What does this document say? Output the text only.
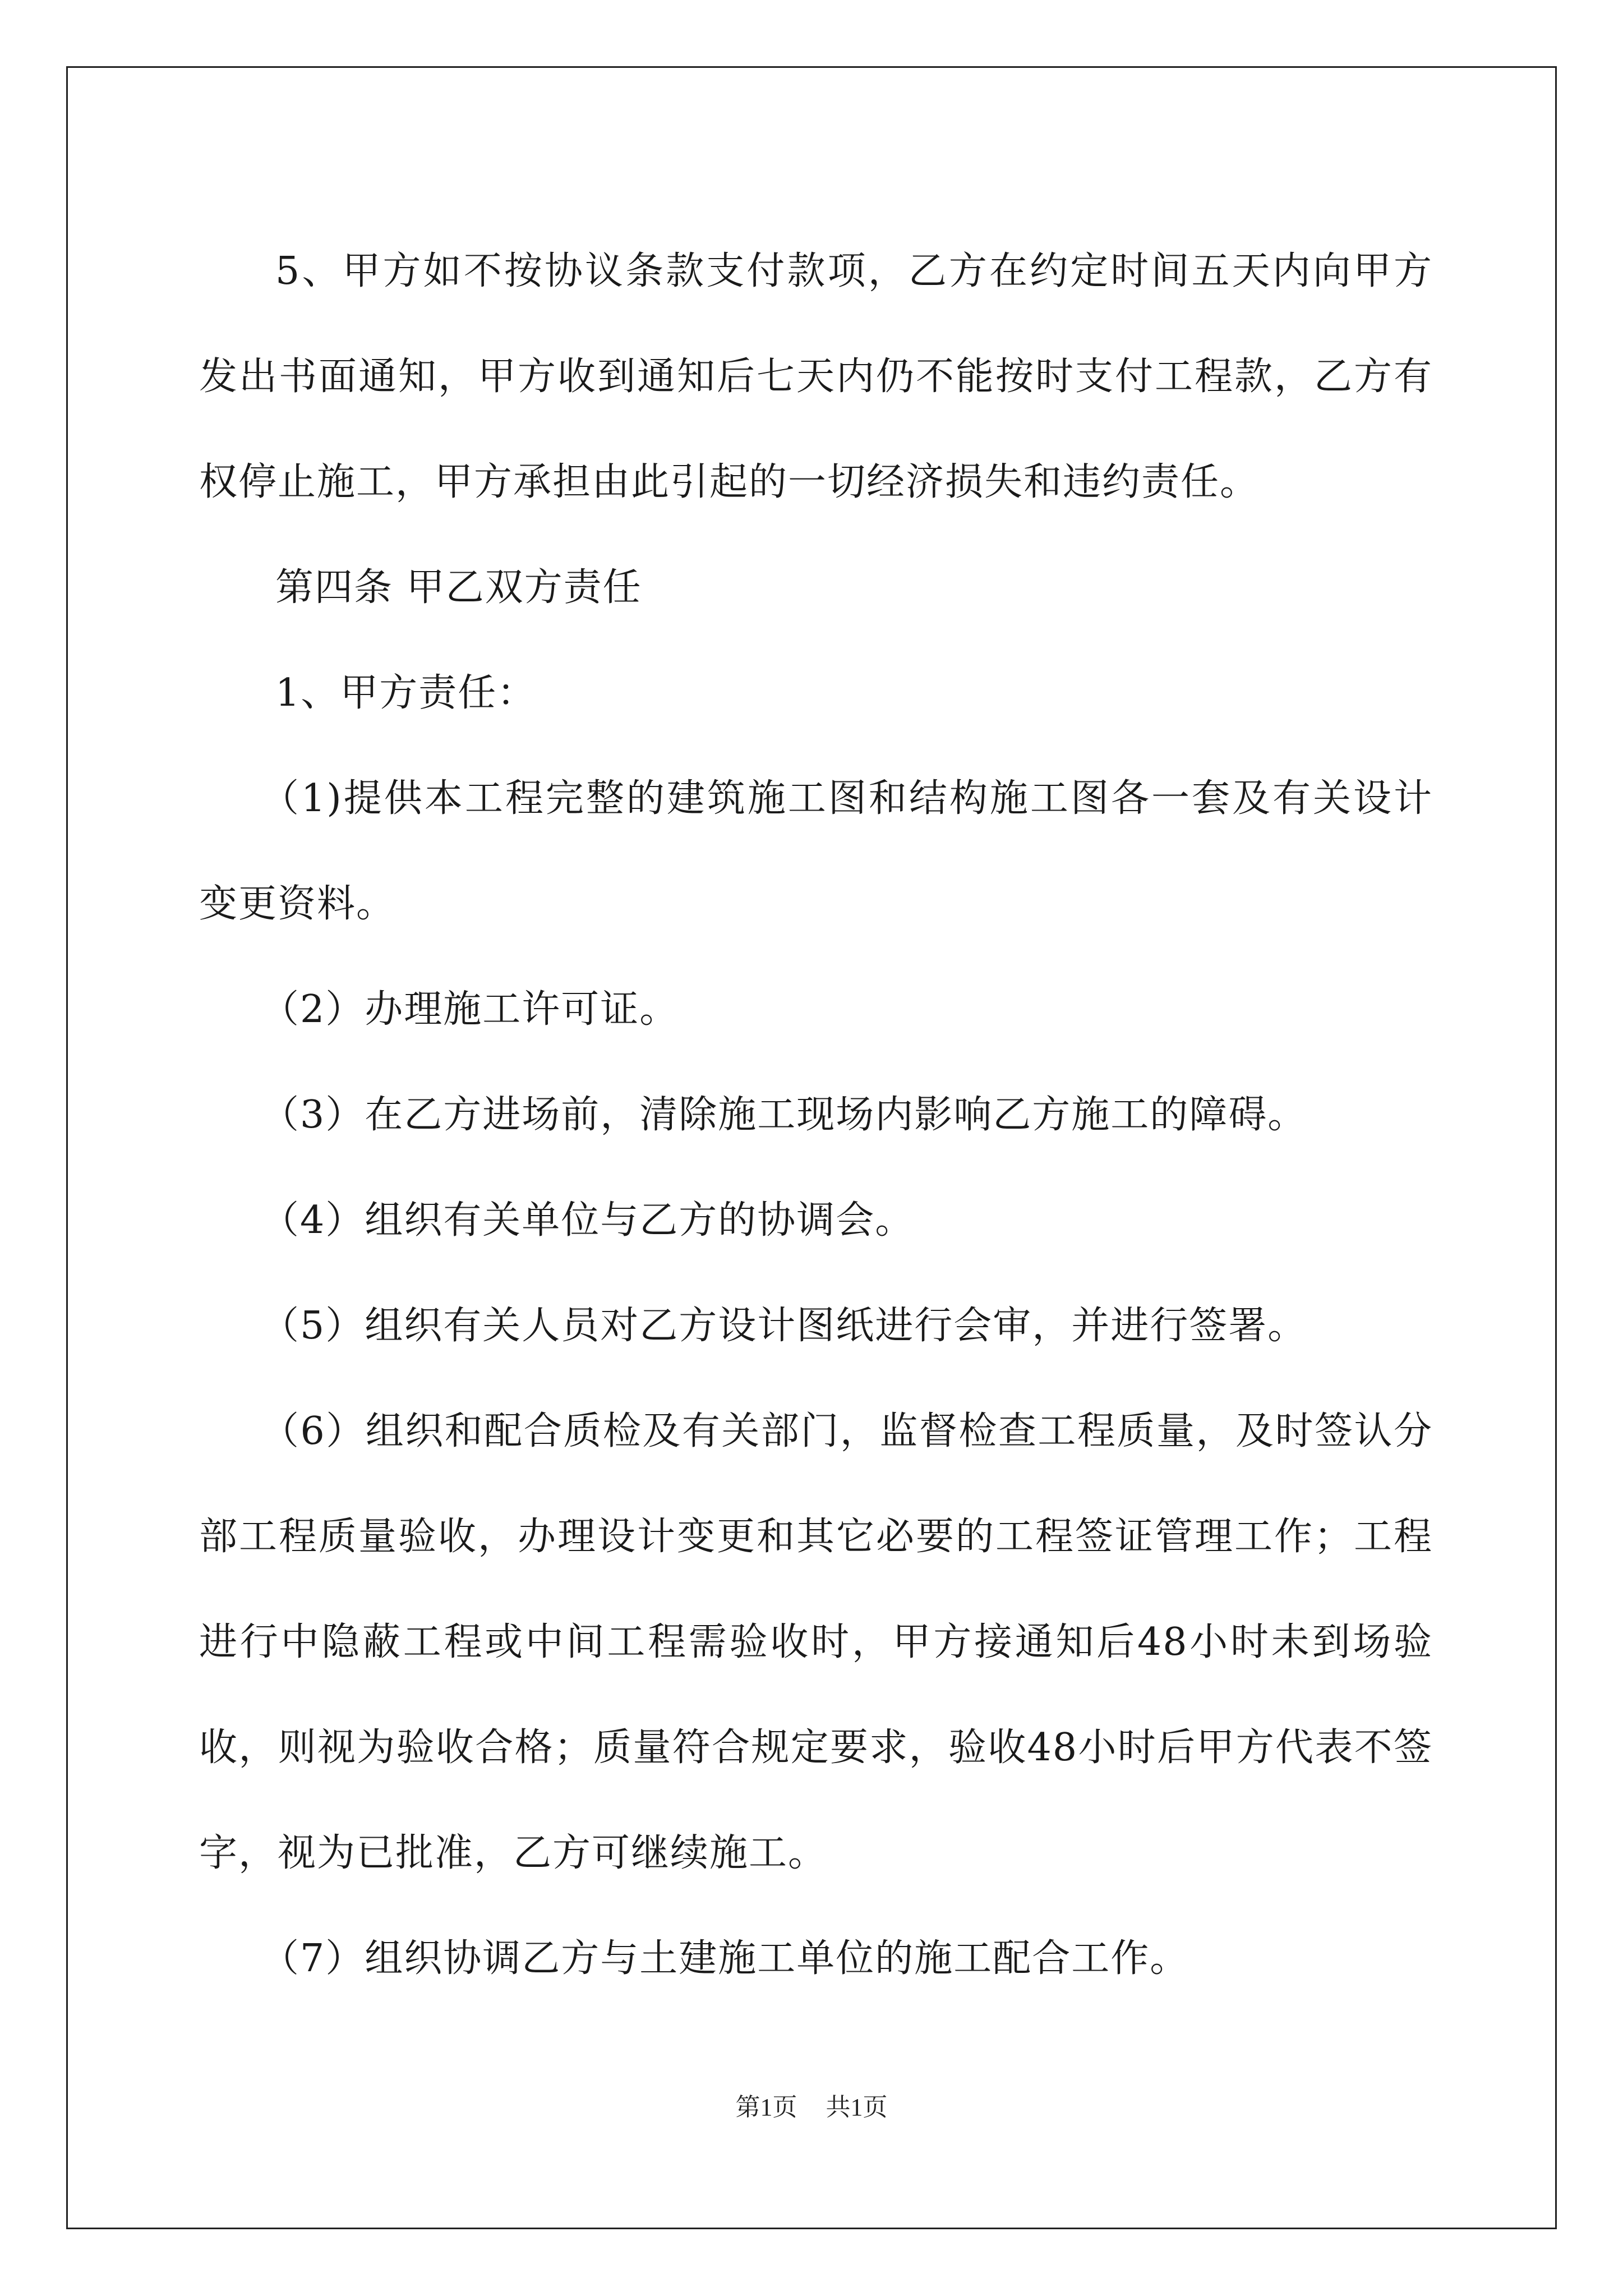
5、甲方如不按协议条款支付款项，乙方在约定时间五天内向甲方发出书面通知，甲方收到通知后七天内仍不能按时支付工程款，乙方有权停止施工，甲方承担由此引起的一切经济损失和违约责任。

第四条 甲乙双方责任

1、甲方责任：

（1)提供本工程完整的建筑施工图和结构施工图各一套及有关设计变更资料。

（2）办理施工许可证。

（3）在乙方进场前，清除施工现场内影响乙方施工的障碍。

（4）组织有关单位与乙方的协调会。

（5）组织有关人员对乙方设计图纸进行会审，并进行签署。

（6）组织和配合质检及有关部门，监督检查工程质量，及时签认分部工程质量验收，办理设计变更和其它必要的工程签证管理工作；工程进行中隐蔽工程或中间工程需验收时，甲方接通知后48小时未到场验收，则视为验收合格；质量符合规定要求，验收48小时后甲方代表不签字，视为已批准，乙方可继续施工。

（7）组织协调乙方与土建施工单位的施工配合工作。

第1页 共1页
